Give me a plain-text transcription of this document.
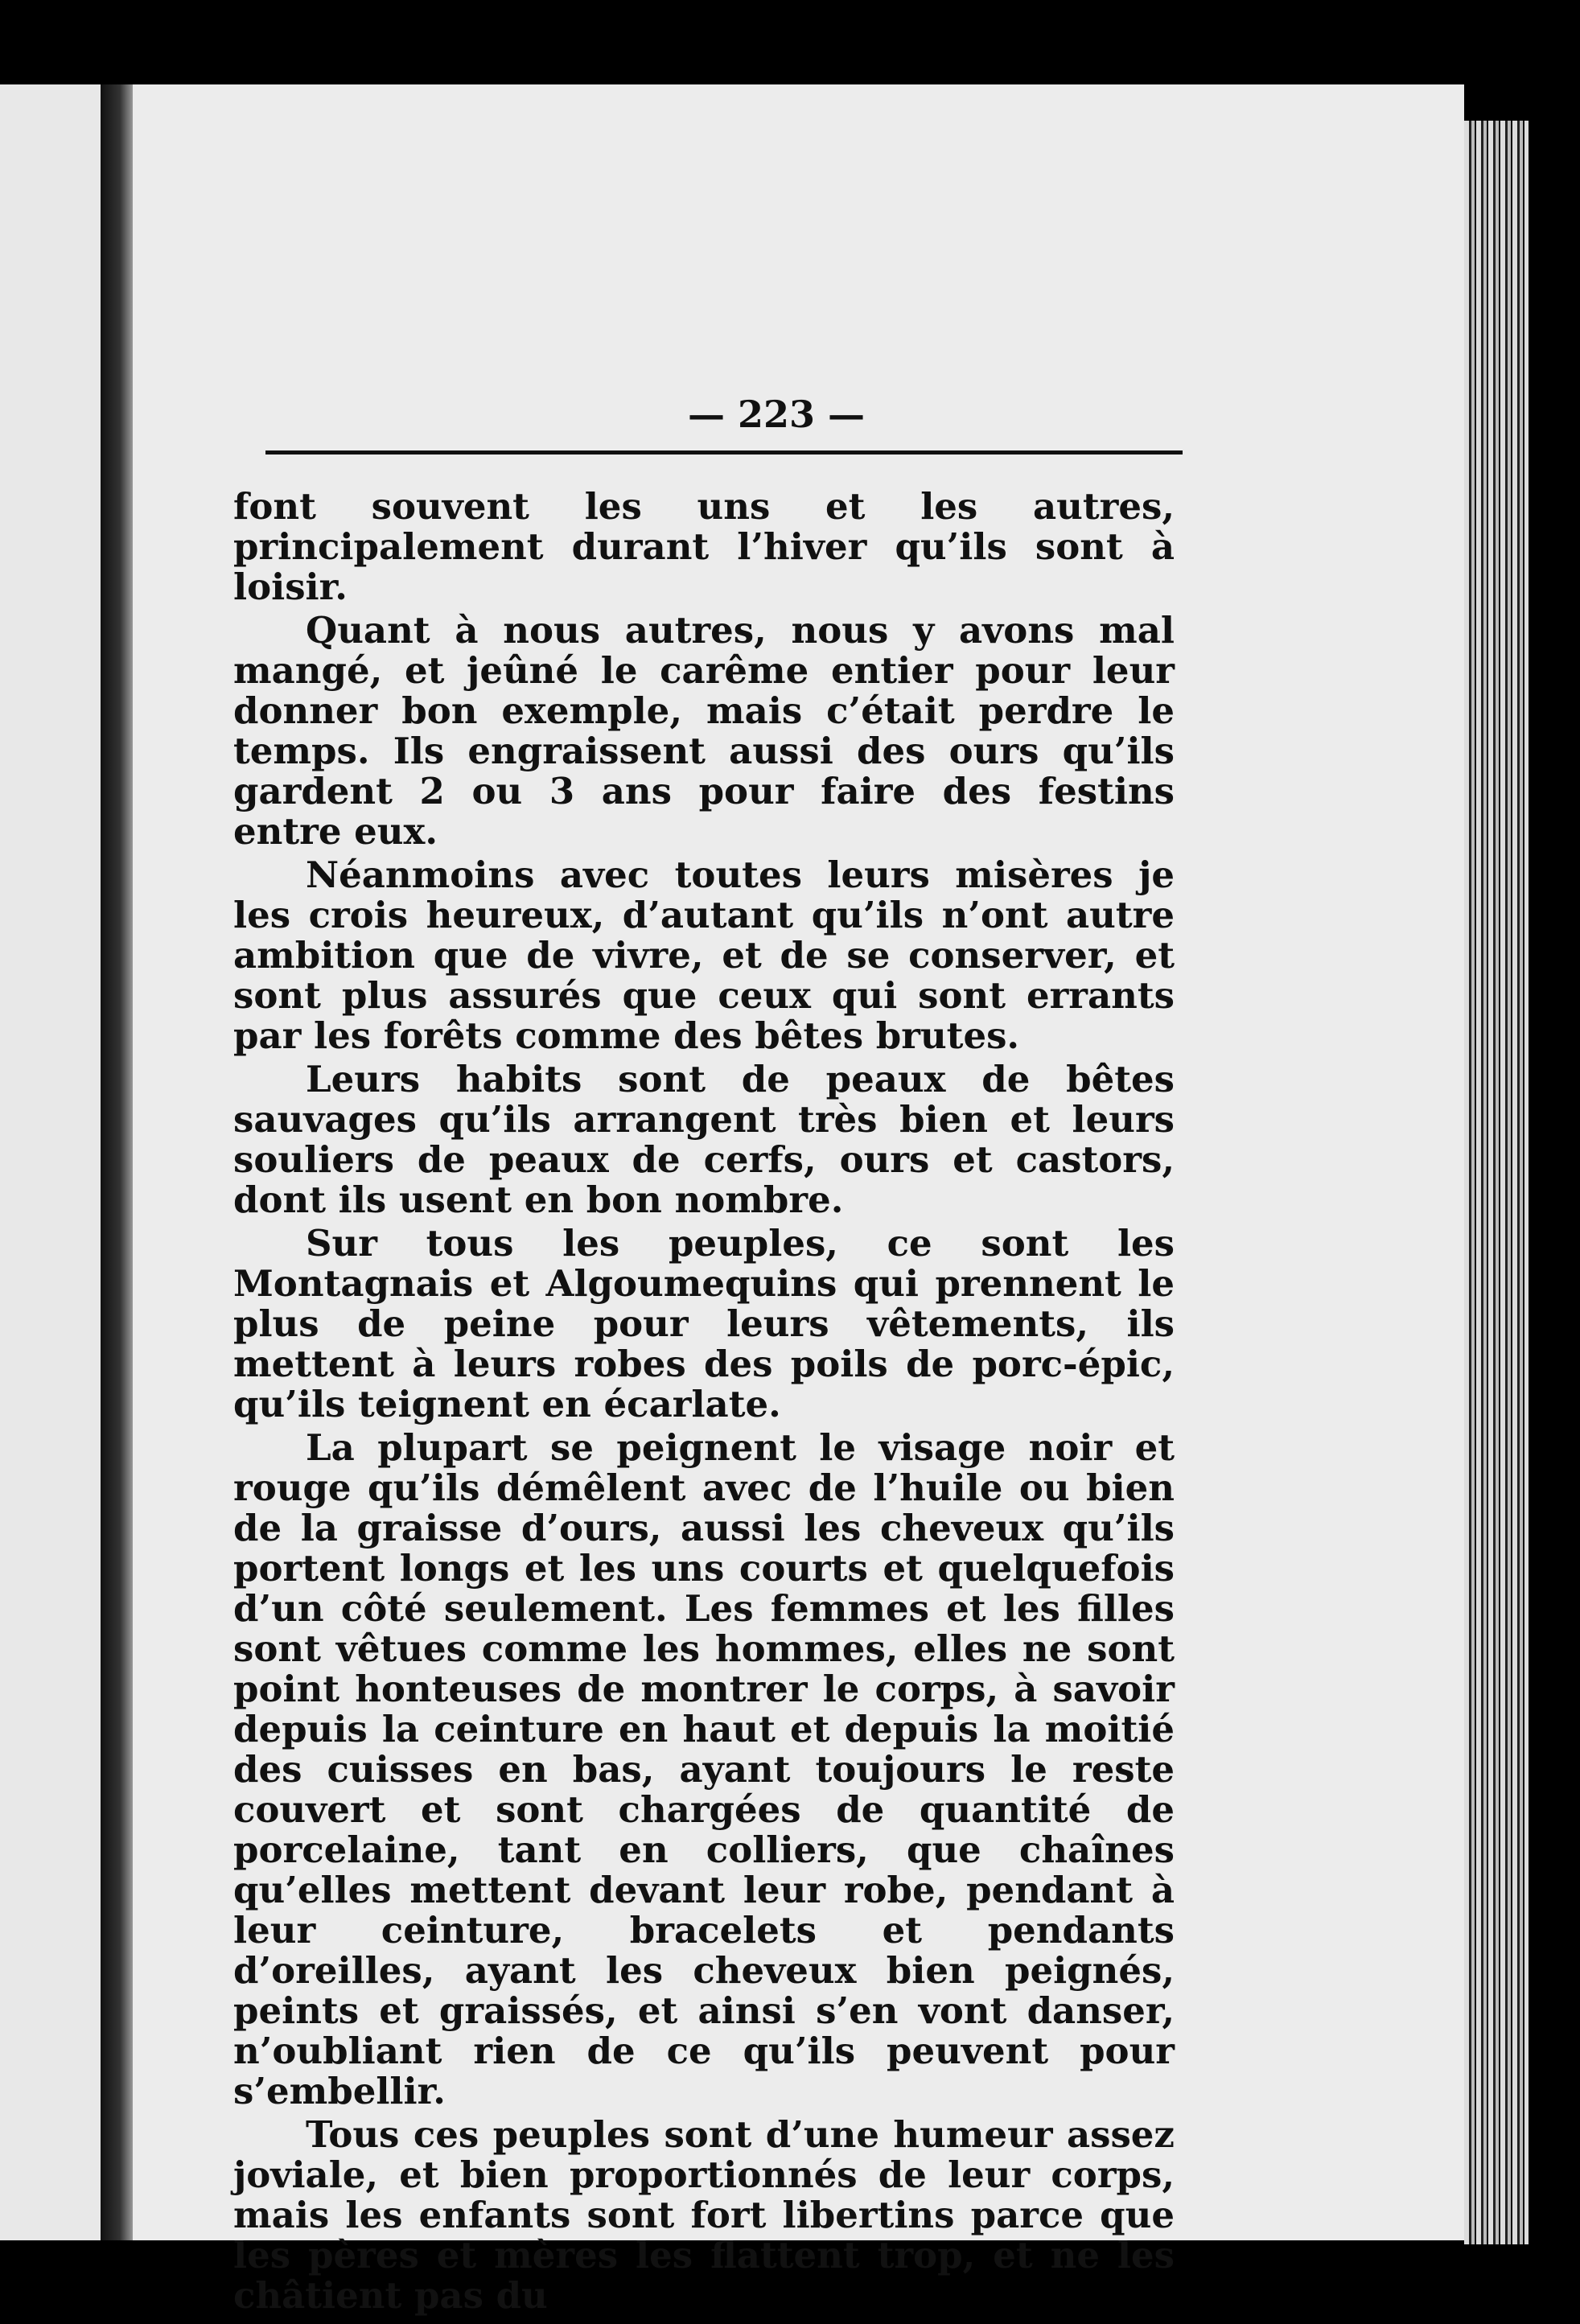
— 223 —

font souvent les uns et les autres, principalement durant l’hiver qu’ils sont à loisir.

Quant à nous autres, nous y avons mal mangé, et jeûné le carême entier pour leur donner bon exemple, mais c’était perdre le temps. Ils engraissent aussi des ours qu’ils gardent 2 ou 3 ans pour faire des festins entre eux.

Néanmoins avec toutes leurs misères je les crois heureux, d’autant qu’ils n’ont autre ambition que de vivre, et de se conserver, et sont plus assurés que ceux qui sont errants par les forêts comme des bêtes brutes.

Leurs habits sont de peaux de bêtes sauvages qu’ils arrangent très bien et leurs souliers de peaux de cerfs, ours et castors, dont ils usent en bon nombre.

Sur tous les peuples, ce sont les Montagnais et Algoumequins qui prennent le plus de peine pour leurs vêtements, ils mettent à leurs robes des poils de porc-épic, qu’ils teignent en écarlate.

La plupart se peignent le visage noir et rouge qu’ils démêlent avec de l’huile ou bien de la graisse d’ours, aussi les cheveux qu’ils portent longs et les uns courts et quelquefois d’un côté seulement. Les femmes et les filles sont vêtues comme les hommes, elles ne sont point honteuses de montrer le corps, à savoir depuis la ceinture en haut et depuis la moitié des cuisses en bas, ayant toujours le reste couvert et sont chargées de quantité de porcelaine, tant en colliers, que chaînes qu’elles mettent devant leur robe, pendant à leur ceinture, bracelets et pendants d’oreilles, ayant les cheveux bien peignés, peints et graissés, et ainsi s’en vont danser, n’oubliant rien de ce qu’ils peuvent pour s’embellir.

Tous ces peuples sont d’une humeur assez joviale, et bien proportionnés de leur corps, mais les enfants sont fort libertins parce que les pères et mères les flattent trop, et ne les châtient pas du
